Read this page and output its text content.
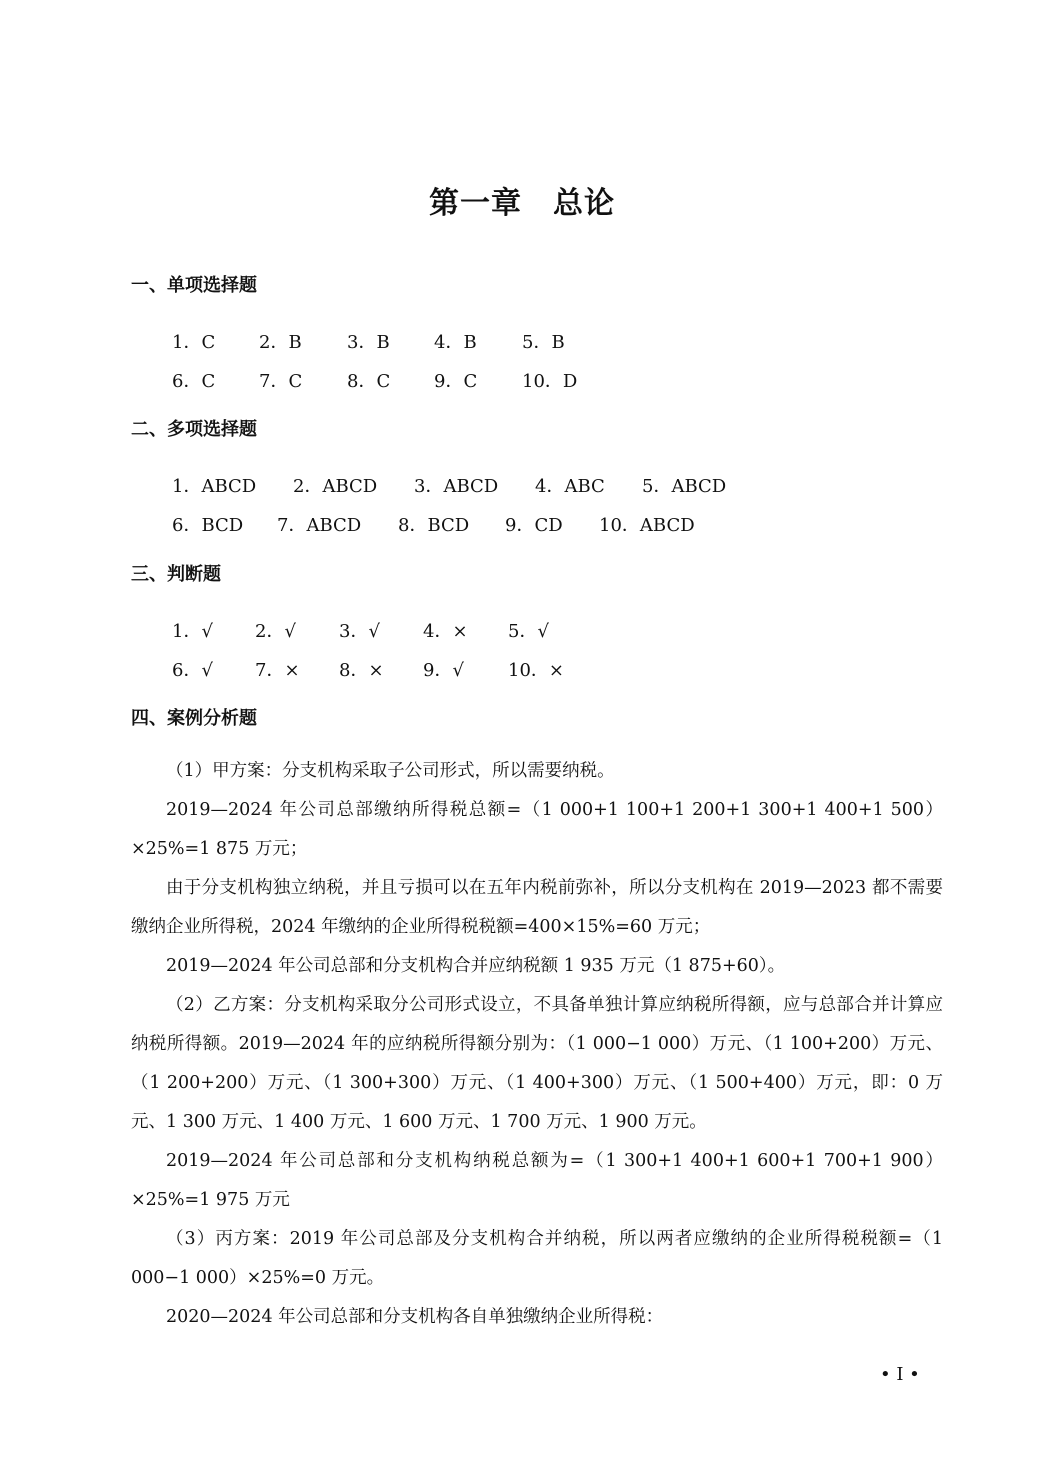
第一章　总论
一、单项选择题
1．C 2．B	3．B 4．B	5．B
6．C 7．C 8．C 9．C 10．D
二、多项选择题
1．ABCD 2．ABCD 3．ABCD 4．ABC 5．ABCD
6．BCD 7．ABCD 8．BCD 9．CD 10．ABCD
三、判断题
1．√ 2．√ 3．√ 4．× 5．√
6．√ 7．× 8．× 9．√ 10．×
四、案例分析题
（1）甲方案：分支机构采取子公司形式，所以需要纳税。
2019—2024 年公司总部缴纳所得税总额=（1 000+1 100+1 200+1 300+1 400+1 500）×25%=1 875 万元；
由于分支机构独立纳税，并且亏损可以在五年内税前弥补，所以分支机构在 2019—2023 都不需要缴纳企业所得税，2024 年缴纳的企业所得税税额=400×15%=60 万元；
2019—2024 年公司总部和分支机构合并应纳税额 1 935 万元（1 875+60）。
（2）乙方案：分支机构采取分公司形式设立，不具备单独计算应纳税所得额，应与总部合并计算应纳税所得额。2019—2024 年的应纳税所得额分别为：（1 000−1 000）万元、（1 100+200）万元、（1 200+200）万元、（1 300+300）万元、（1 400+300）万元、（1 500+400）万元，即：0 万元、1 300 万元、1 400 万元、1 600 万元、1 700 万元、1 900 万元。
2019—2024 年公司总部和分支机构纳税总额为=（1 300+1 400+1 600+1 700+1 900）×25%=1 975 万元
（3）丙方案：2019 年公司总部及分支机构合并纳税，所以两者应缴纳的企业所得税税额=（1 000−1 000）×25%=0 万元。
2020—2024 年公司总部和分支机构各自单独缴纳企业所得税：
• I •
